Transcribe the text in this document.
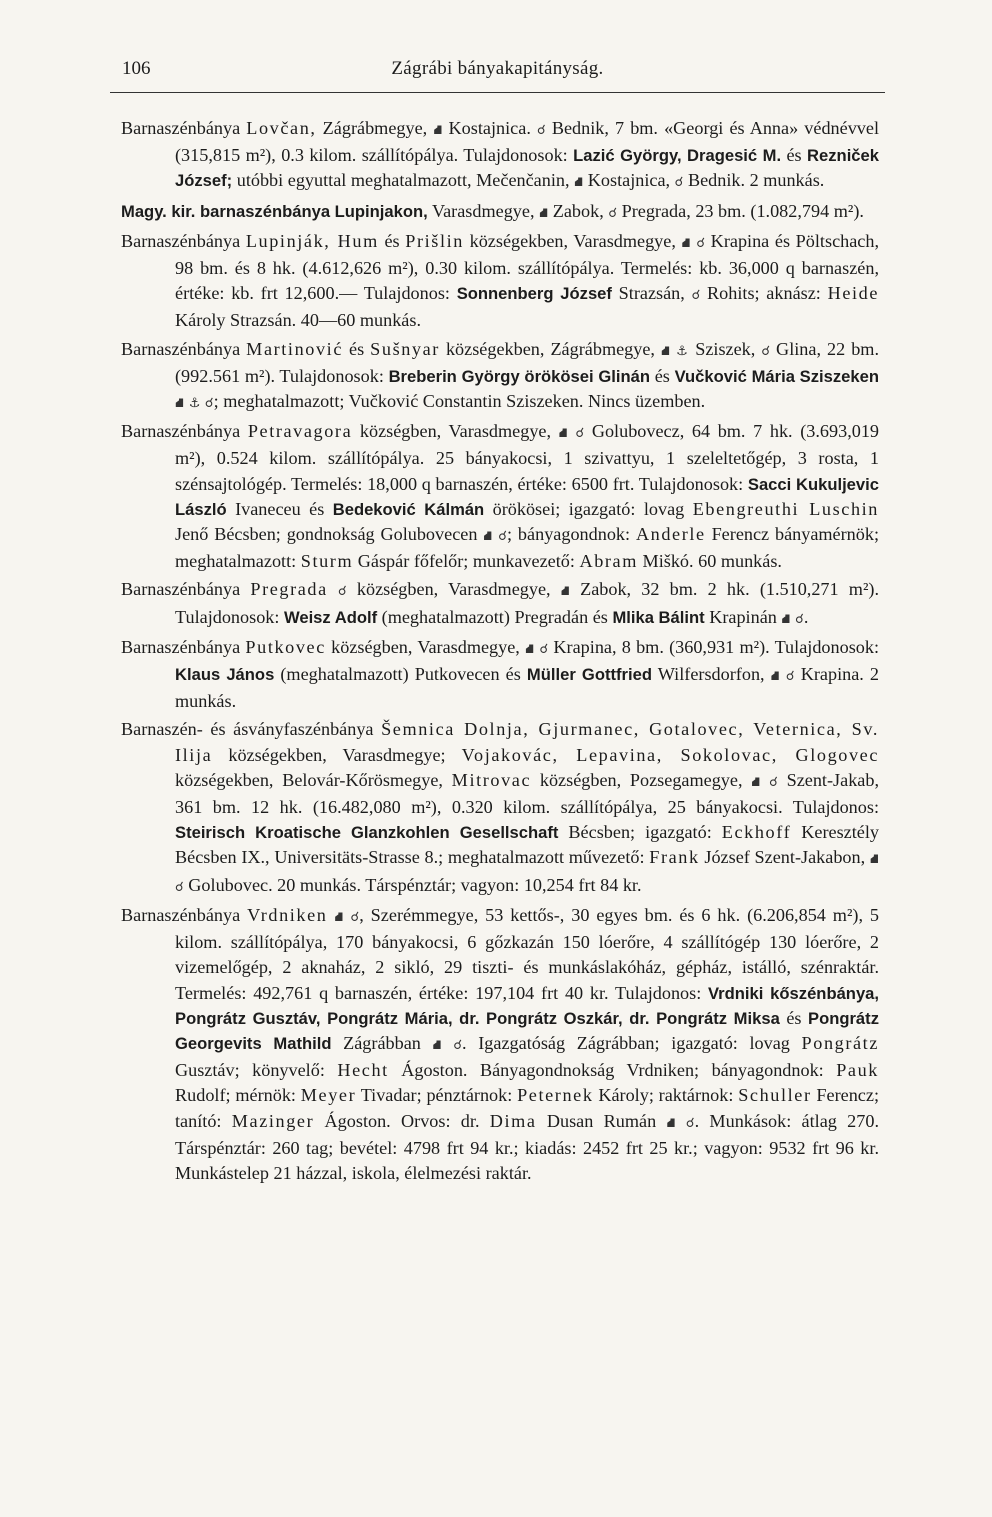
106	Zágrábi bányakapitányság.

Barnaszénbánya Lovčan, Zágrábmegye, ⛘ Kostajnica. ☌ Bednik, 7 bm. «Georgi és Anna» védnévvel (315,815 m²), 0.3 kilom. szállítópálya. Tulajdonosok: Lazić György, Dragesić M. és Rezniček József; utóbbi egyuttal meghatalmazott, Mečenčanin, ⛘ Kostajnica, ☌ Bednik. 2 munkás.

Magy. kir. barnaszénbánya Lupinjakon, Varasdmegye, ⛘ Zabok, ☌ Pregrada, 23 bm. (1.082,794 m²).

Barnaszénbánya Lupinják, Hum és Prišlin községekben, Varasdmegye, ⛘ ☌ Krapina és Pöltschach, 98 bm. és 8 hk. (4.612,626 m²), 0.30 kilom. szállítópálya. Termelés: kb. 36,000 q barnaszén, értéke: kb. frt 12,600.— Tulajdonos: Sonnenberg József Strazsán, ☌ Rohits; aknász: Heide Károly Strazsán. 40—60 munkás.

Barnaszénbánya Martinović és Sušnyar községekben, Zágrábmegye, ⛘ ⚓ Sziszek, ☌ Glina, 22 bm. (992.561 m²). Tulajdonosok: Breberin György örökösei Glinán és Vučković Mária Sziszeken ⛘ ⚓ ☌; meghatalmazott; Vučković Constantin Sziszeken. Nincs üzemben.

Barnaszénbánya Petravagora községben, Varasdmegye, ⛘ ☌ Golubovecz, 64 bm. 7 hk. (3.693,019 m²), 0.524 kilom. szállítópálya. 25 bányakocsi, 1 szivattyu, 1 szeleltetőgép, 3 rosta, 1 szénsajtológép. Termelés: 18,000 q barnaszén, értéke: 6500 frt. Tulajdonosok: Sacci Kukuljevic László Ivaneceu és Bedeković Kálmán örökösei; igazgató: lovag Ebengreuthi Luschin Jenő Bécsben; gondnokság Golubovecen ⛘ ☌; bányagondnok: Anderle Ferencz bányamérnök; meghatalmazott: Sturm Gáspár főfelőr; munkavezető: Abram Miškó. 60 munkás.

Barnaszénbánya Pregrada ☌ községben, Varasdmegye, ⛘ Zabok, 32 bm. 2 hk. (1.510,271 m²). Tulajdonosok: Weisz Adolf (meghatalmazott) Pregradán és Mlika Bálint Krapinán ⛘ ☌.

Barnaszénbánya Putkovec községben, Varasdmegye, ⛘ ☌ Krapina, 8 bm. (360,931 m²). Tulajdonosok: Klaus János (meghatalmazott) Putkovecen és Müller Gottfried Wilfersdorfon, ⛘ ☌ Krapina. 2 munkás.

Barnaszén- és ásványfaszénbánya Šemnica Dolnja, Gjurmanec, Gotalovec, Veternica, Sv. Ilija községekben, Varasdmegye; Vojakovác, Lepavina, Sokolovac, Glogovec községekben, Belovár-Kőrösmegye, Mitrovac községben, Pozsegamegye, ⛘ ☌ Szent-Jakab, 361 bm. 12 hk. (16.482,080 m²), 0.320 kilom. szállítópálya, 25 bányakocsi. Tulajdonos: Steirisch Kroatische Glanzkohlen Gesellschaft Bécsben; igazgató: Eckhoff Keresztély Bécsben IX., Universitäts-Strasse 8.; meghatalmazott művezető: Frank József Szent-Jakabon, ⛘ ☌ Golubovec. 20 munkás. Társpénztár; vagyon: 10,254 frt 84 kr.

Barnaszénbánya Vrdniken ⛘ ☌, Szerémmegye, 53 kettős-, 30 egyes bm. és 6 hk. (6.206,854 m²), 5 kilom. szállítópálya, 170 bányakocsi, 6 gőzkazán 150 lóerőre, 4 szállítógép 130 lóerőre, 2 vizemelőgép, 2 aknaház, 2 sikló, 29 tiszti- és munkáslakóház, gépház, istálló, szénraktár. Termelés: 492,761 q barnaszén, értéke: 197,104 frt 40 kr. Tulajdonos: Vrdniki kőszénbánya, Pongrátz Gusztáv, Pongrátz Mária, dr. Pongrátz Oszkár, dr. Pongrátz Miksa és Pongrátz Georgevits Mathild Zágrábban ⛘ ☌. Igazgatóság Zágrábban; igazgató: lovag Pongrátz Gusztáv; könyvelő: Hecht Ágoston. Bányagondnokság Vrdniken; bányagondnok: Pauk Rudolf; mérnök: Meyer Tivadar; pénztárnok: Peternek Károly; raktárnok: Schuller Ferencz; tanító: Mazinger Ágoston. Orvos: dr. Dima Dusan Rumán ⛘ ☌. Munkások: átlag 270. Társpénztár: 260 tag; bevétel: 4798 frt 94 kr.; kiadás: 2452 frt 25 kr.; vagyon: 9532 frt 96 kr. Munkástelep 21 házzal, iskola, élelmezési raktár.
